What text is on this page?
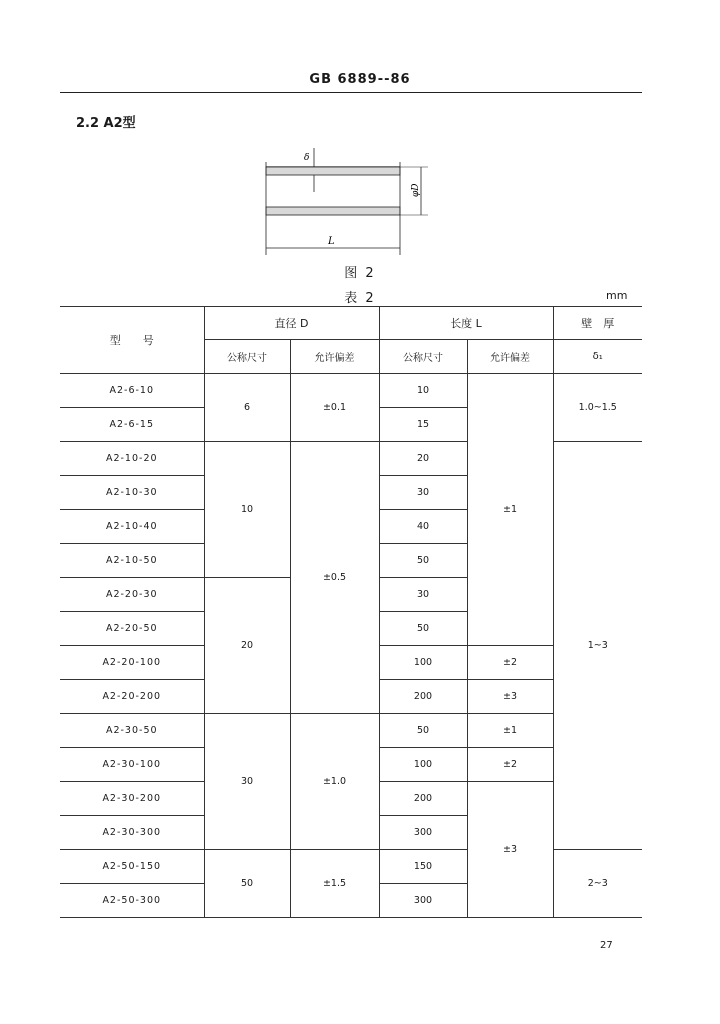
GB 6889--86
2.2 A2型
δ
φD
L
图 2
表 2	mm
型　　号	直径 D		长度 L		壁　厚
	公称尺寸	允许偏差	公称尺寸	允许偏差	δ₁
A2-6-10	6	±0.1	10	±1	1.0~1.5
A2-6-15			15		
A2-10-20	10	±0.5	20		1~3
A2-10-30			30		
A2-10-40			40		
A2-10-50			50		
A2-20-30	20		30		
A2-20-50			50		
A2-20-100			100	±2	
A2-20-200			200	±3	
A2-30-50	30	±1.0	50	±1	
A2-30-100			100	±2	
A2-30-200			200	±3	
A2-30-300			300		
A2-50-150	50	±1.5	150		2~3
A2-50-300			300		
27
